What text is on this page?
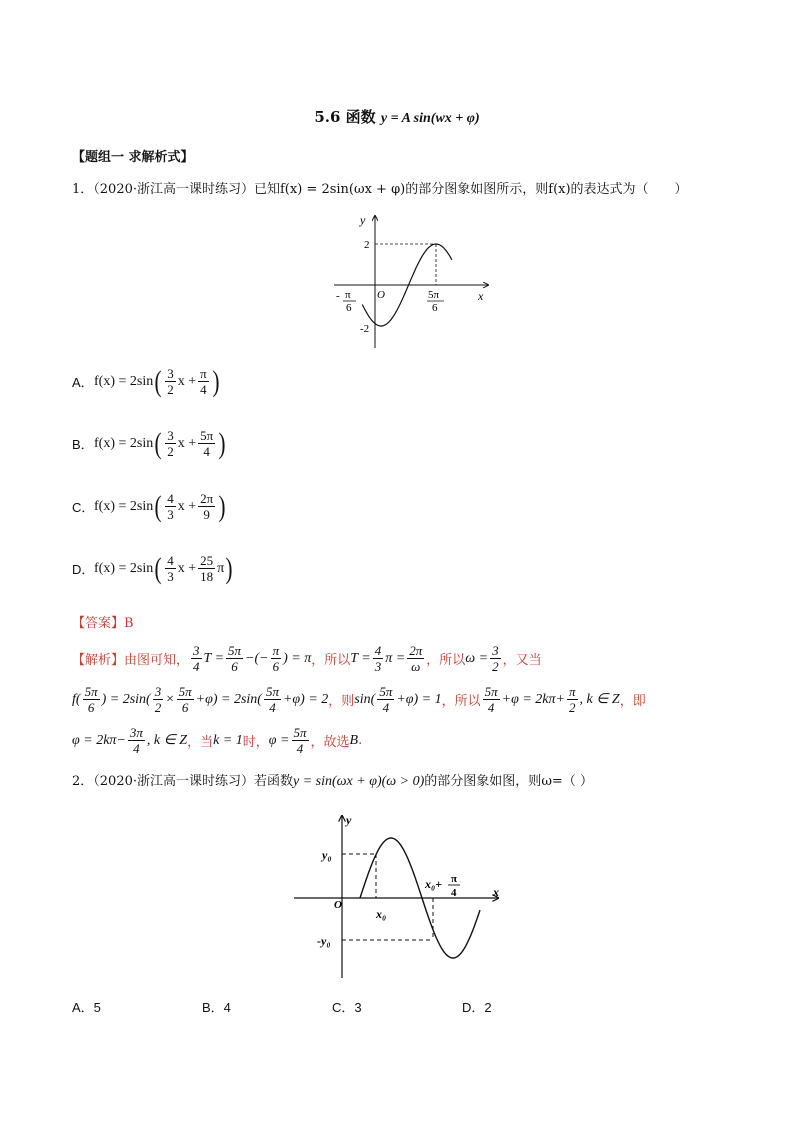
5.6 函数 y = A sin(wx + φ)
【题组一 求解析式】
1．（2020·浙江高一课时练习）已知f(x) = 2sin(ωx + φ)的部分图象如图所示，则f(x)的表达式为（　　）
y
x
O
2
-2
- π
6
5π
6
A． f(x) = 2sin ( $\frac{3}{2}$ $x + \frac{\pi}{4}$ )
B． f(x) = 2sin ( $\frac{3}{2}$ $x + \frac{5\pi}{4}$ )
C． f(x) = 2sin ( $\frac{4}{3}$ $x + \frac{2\pi}{9}$ )
D． f(x) = 2sin ( $\frac{4}{3}$ $x + \frac{25}{18}$ π )
【答案】B
【解析】 由图可知， $\frac{3}{4}$ $T = \frac{5\pi}{6}$ −(− $\frac{\pi}{6}$ ) = π ，所以 $T = \frac{4}{3}$ $\pi = \frac{2\pi}{\omega}$ ，所以 $\omega = \frac{3}{2}$ ，又当
$f( \frac{5\pi}{6}$ ) = $2\sin( \frac{3}{2} \times \frac{5\pi}{6} +\varphi) = 2\sin( \frac{5\pi}{4} +\varphi) = 2$ ，则 $\sin( \frac{5\pi}{4} +\varphi) = 1$ ，所以 $\frac{5\pi}{4} +\varphi = 2k\pi+ \frac{\pi}{2}$ , k ∈ Z ，即
$\varphi = 2k\pi- \frac{3\pi}{4}$ , k ∈ Z ，当 k = 1 时， $\varphi = \frac{5\pi}{4}$ ，故选 B .
2．（2020·浙江高一课时练习）若函数y = sin(ωx + φ)(ω > 0)的部分图象如图，则ω=（ ）
y
x
O
y₀
-y₀
x₀
x₀+ π
4
A．5	B．4	C．3	D．2
